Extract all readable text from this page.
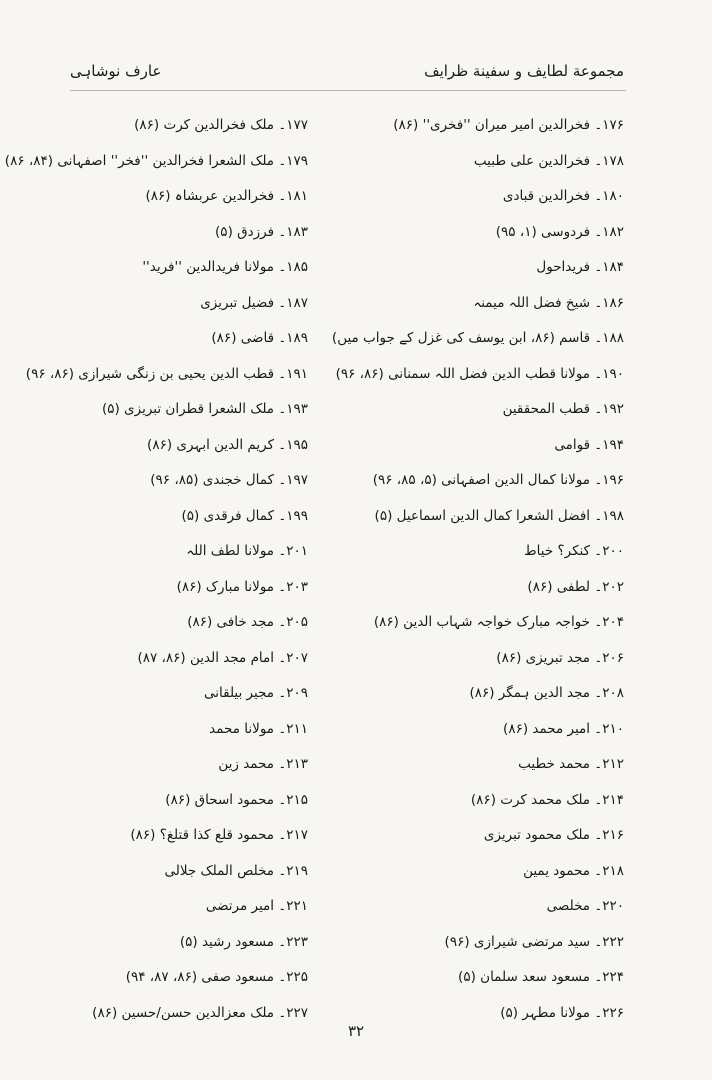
مجموعة لطایف و سفینة ظرایف
عارف نوشاہی
۱۷۶۔ فخرالدین امیر میران ''فخری'' (۸۶)
۱۷۸۔ فخرالدین علی طبیب
۱۸۰۔ فخرالدین قبادی
۱۸۲۔ فردوسی (۱، ۹۵)
۱۸۴۔ فریداحول
۱۸۶۔ شیخ فضل اللہ میمنہ
۱۸۸۔ قاسم (۸۶، ابن یوسف کی غزل کے جواب میں)
۱۹۰۔ مولانا قطب الدین فضل اللہ سمنانی (۸۶، ۹۶)
۱۹۲۔ قطب المحققین
۱۹۴۔ قوامی
۱۹۶۔ مولانا کمال الدین اصفہانی (۵، ۸۵، ۹۶)
۱۹۸۔ افضل الشعرا کمال الدین اسماعیل (۵)
۲۰۰۔ کنکر؟ خیاط
۲۰۲۔ لطفی (۸۶)
۲۰۴۔ خواجہ مبارک خواجہ شہاب الدین (۸۶)
۲۰۶۔ مجد تبریزی (۸۶)
۲۰۸۔ مجد الدین ہمگر (۸۶)
۲۱۰۔ امیر محمد (۸۶)
۲۱۲۔ محمد خطیب
۲۱۴۔ ملک محمد کرت (۸۶)
۲۱۶۔ ملک محمود تبریزی
۲۱۸۔ محمود یمین
۲۲۰۔ مخلصی
۲۲۲۔ سید مرتضی شیرازی (۹۶)
۲۲۴۔ مسعود سعد سلمان (۵)
۲۲۶۔ مولانا مطہر (۵)
۱۷۷۔ ملک فخرالدین کرت (۸۶)
۱۷۹۔ ملک الشعرا فخرالدین ''فخر'' اصفہانی (۸۴، ۸۶)
۱۸۱۔ فخرالدین عربشاہ (۸۶)
۱۸۳۔ فرزدق (۵)
۱۸۵۔ مولانا فریدالدین ''فرید''
۱۸۷۔ فضیل تبریزی
۱۸۹۔ قاضی (۸۶)
۱۹۱۔ قطب الدین یحیی بن زنگی شیرازی (۸۶، ۹۶)
۱۹۳۔ ملک الشعرا قطران تبریزی (۵)
۱۹۵۔ کریم الدین ابہری (۸۶)
۱۹۷۔ کمال خجندی (۸۵، ۹۶)
۱۹۹۔ کمال فرقدی (۵)
۲۰۱۔ مولانا لطف اللہ
۲۰۳۔ مولانا مبارک (۸۶)
۲۰۵۔ مجد خافی (۸۶)
۲۰۷۔ امام مجد الدین (۸۶، ۸۷)
۲۰۹۔ مجیر بیلقانی
۲۱۱۔ مولانا محمد
۲۱۳۔ محمد زین
۲۱۵۔ محمود اسحاق (۸۶)
۲۱۷۔ محمود قلع کذا قتلغ؟ (۸۶)
۲۱۹۔ مخلص الملک جلالی
۲۲۱۔ امیر مرتضی
۲۲۳۔ مسعود رشید (۵)
۲۲۵۔ مسعود صفی (۸۶، ۸۷، ۹۴)
۲۲۷۔ ملک معزالدین حسن/حسین (۸۶)
۳۲
